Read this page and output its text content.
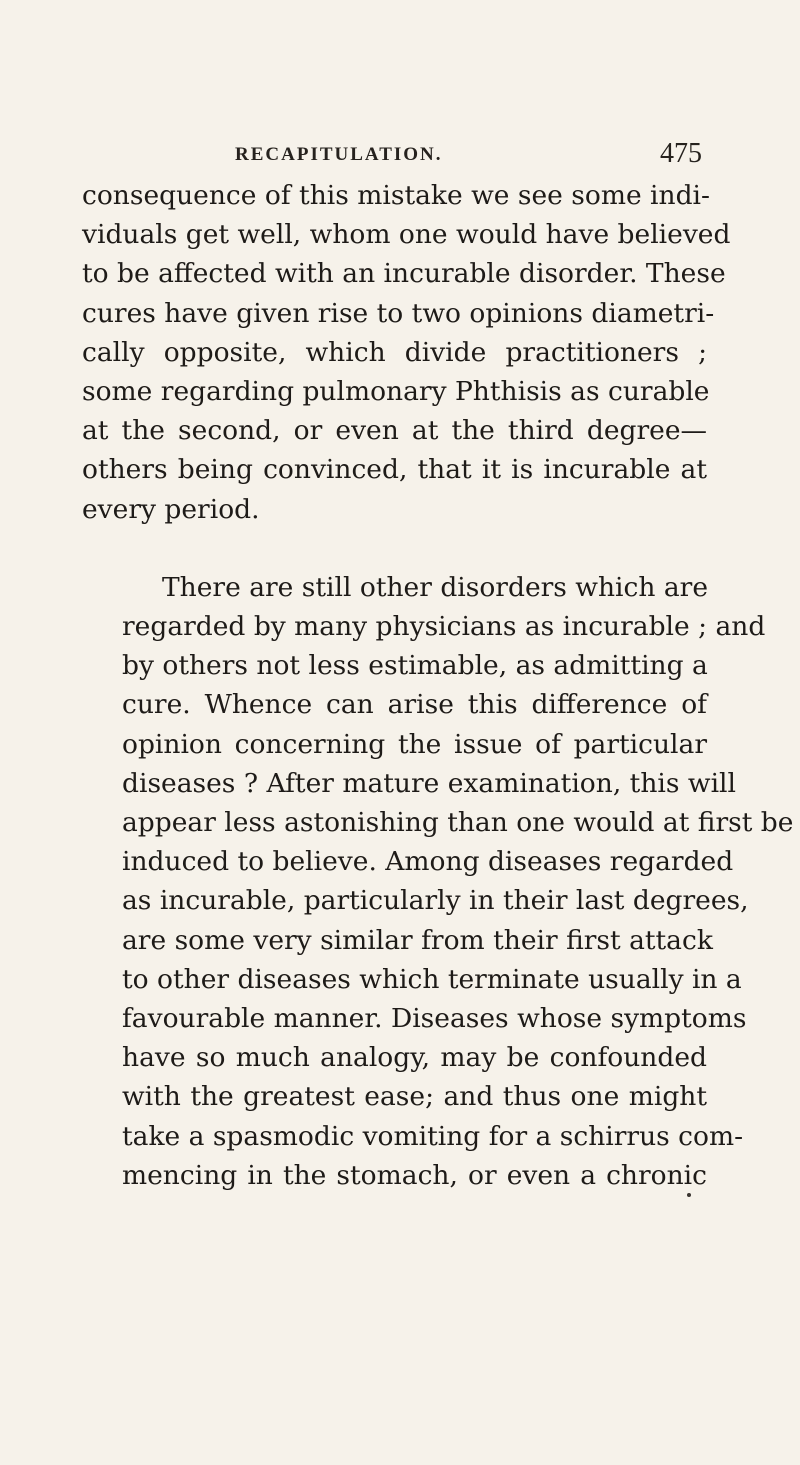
RECAPITULATION.	475

consequence of this mistake we see some indi-
viduals get well, whom one would have believed
to be affected with an incurable disorder. These
cures have given rise to two opinions diametri-
cally opposite, which divide practitioners ;
some regarding pulmonary Phthisis as curable
at the second, or even at the third degree—
others being convinced, that it is incurable at
every period.

There are still other disorders which are
regarded by many physicians as incurable ; and
by others not less estimable, as admitting a
cure. Whence can arise this difference of
opinion concerning the issue of particular
diseases ? After mature examination, this will
appear less astonishing than one would at first be
induced to believe. Among diseases regarded
as incurable, particularly in their last degrees,
are some very similar from their first attack
to other diseases which terminate usually in a
favourable manner. Diseases whose symptoms
have so much analogy, may be confounded
with the greatest ease; and thus one might
take a spasmodic vomiting for a schirrus com-
mencing in the stomach, or even a chronic
